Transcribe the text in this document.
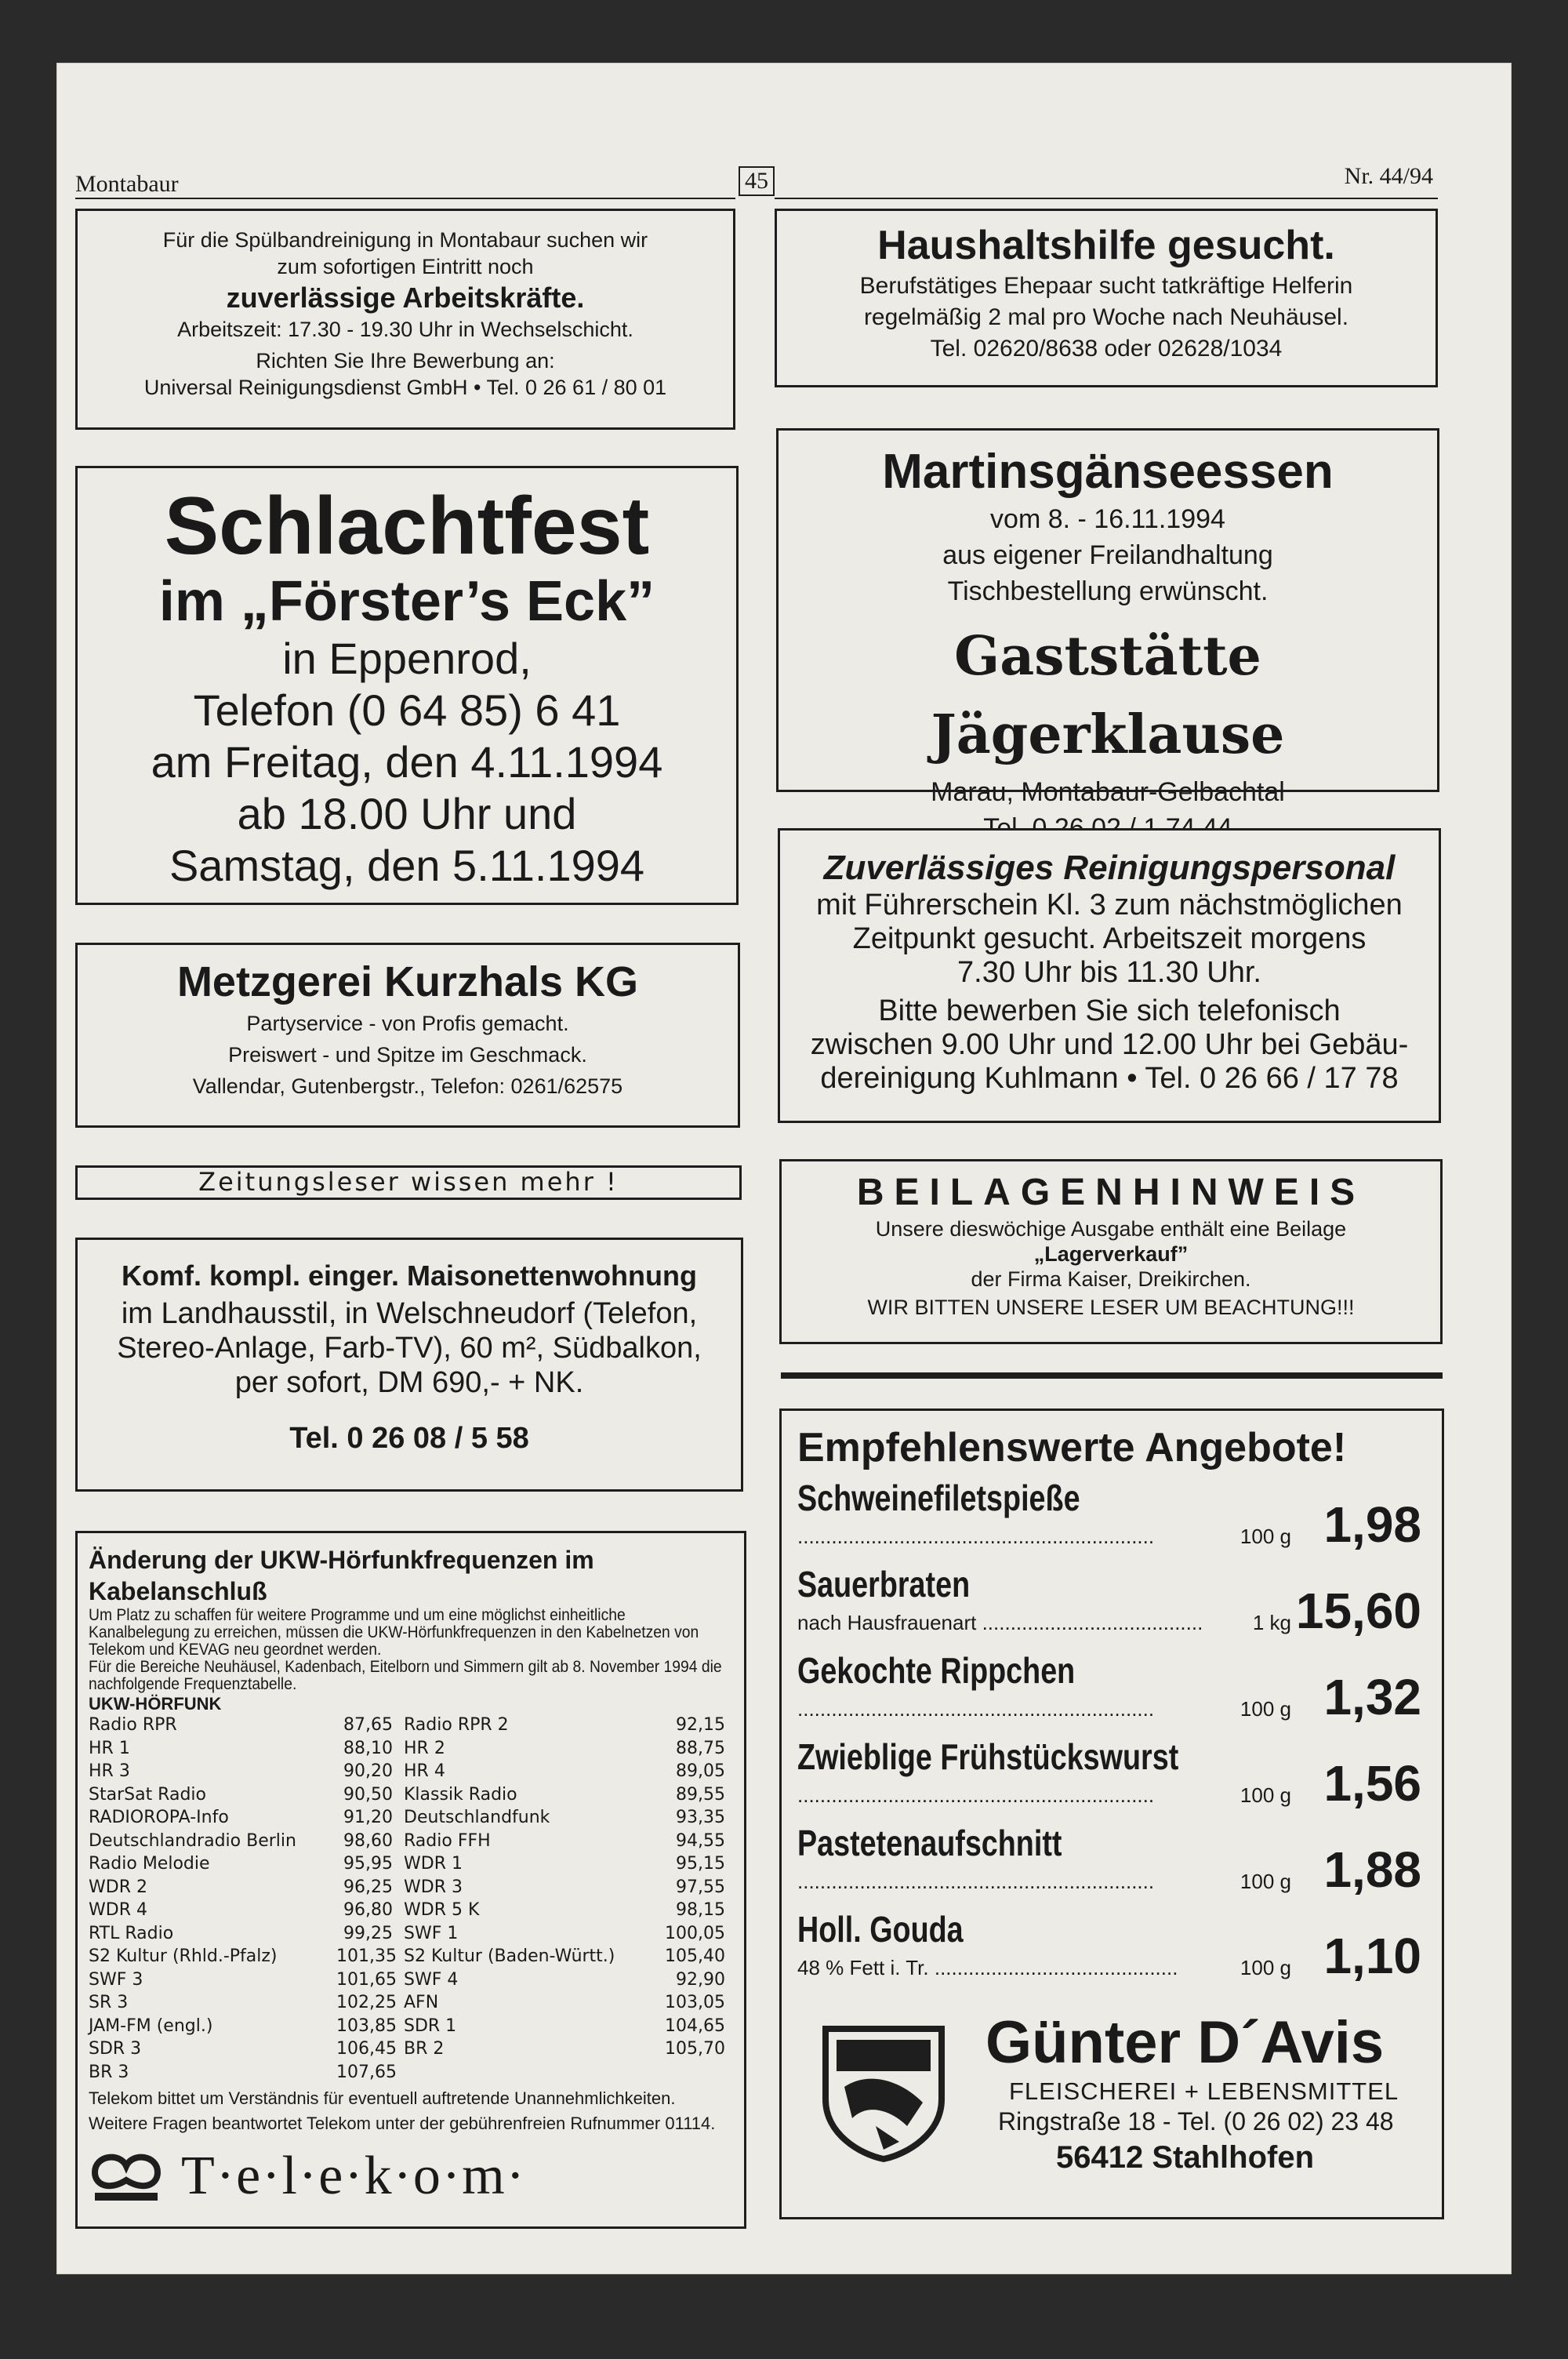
Montabaur	45	Nr. 44/94
Für die Spülbandreinigung in Montabaur suchen wir
zum sofortigen Eintritt noch
zuverlässige Arbeitskräfte.
Arbeitszeit: 17.30 - 19.30 Uhr in Wechselschicht.
Richten Sie Ihre Bewerbung an:
Universal Reinigungsdienst GmbH • Tel. 0 26 61 / 80 01
Schlachtfest
im „Förster’s Eck”
in Eppenrod,
Telefon (0 64 85) 6 41
am Freitag, den 4.11.1994
ab 18.00 Uhr und
Samstag, den 5.11.1994
Metzgerei Kurzhals KG
Partyservice - von Profis gemacht.
Preiswert - und Spitze im Geschmack.
Vallendar, Gutenbergstr., Telefon: 0261/62575
Zeitungsleser wissen mehr !
Komf. kompl. einger. Maisonettenwohnung
im Landhausstil, in Welschneudorf (Telefon,
Stereo-Anlage, Farb-TV), 60 m², Südbalkon,
per sofort, DM 690,- + NK.
Tel. 0 26 08 / 5 58
Änderung der UKW-Hörfunkfrequenzen im Kabelanschluß
Um Platz zu schaffen für weitere Programme und um eine möglichst einheitliche Kanalbelegung zu erreichen, müssen die UKW-Hörfunkfrequenzen in den Kabelnetzen von Telekom und KEVAG neu geordnet werden.
Für die Bereiche Neuhäusel, Kadenbach, Eitelborn und Simmern gilt ab 8. November 1994 die nachfolgende Frequenztabelle.
UKW-HÖRFUNK
Radio RPR	87,65 Radio RPR 2	92,15
HR 1	88,10 HR 2	88,75
HR 3	90,20 HR 4	89,05
StarSat Radio	90,50 Klassik Radio	89,55
RADIOROPA-Info	91,20 Deutschlandfunk	93,35
Deutschlandradio Berlin	98,60 Radio FFH	94,55
Radio Melodie	95,95 WDR 1	95,15
WDR 2	96,25 WDR 3	97,55
WDR 4	96,80 WDR 5 K	98,15
RTL Radio	99,25 SWF 1	100,05
S2 Kultur (Rhld.-Pfalz)	101,35 S2 Kultur (Baden-Württ.)	105,40
SWF 3	101,65 SWF 4	92,90
SR 3	102,25 AFN	103,05
JAM-FM (engl.)	103,85 SDR 1	104,65
SDR 3	106,45 BR 2	105,70
BR 3	107,65
Telekom bittet um Verständnis für eventuell auftretende Unannehmlichkeiten.
Weitere Fragen beantwortet Telekom unter der gebührenfreien Rufnummer 01114.
T·e·l·e·k·o·m·
Haushaltshilfe gesucht.
Berufstätiges Ehepaar sucht tatkräftige Helferin
regelmäßig 2 mal pro Woche nach Neuhäusel.
Tel. 02620/8638 oder 02628/1034
Martinsgänseessen
vom 8. - 16.11.1994
aus eigener Freilandhaltung
Tischbestellung erwünscht.
Gaststätte Jägerklause
Marau, Montabaur-Gelbachtal
Zuverlässiges Reinigungspersonal
mit Führerschein Kl. 3 zum nächstmöglichen
Zeitpunkt gesucht. Arbeitszeit morgens
7.30 Uhr bis 11.30 Uhr.
Bitte bewerben Sie sich telefonisch
zwischen 9.00 Uhr und 12.00 Uhr bei Gebäu-
dereinigung Kuhlmann • Tel. 0 26 66 / 17 78
BEILAGENHINWEIS
Unsere dieswöchige Ausgabe enthält eine Beilage
„Lagerverkauf”
der Firma Kaiser, Dreikirchen.
WIR BITTEN UNSERE LESER UM BEACHTUNG!!!
Empfehlenswerte Angebote!
Schweinefiletspieße
...............................................................	100 g 1,98
Sauerbraten
nach Hausfrauenart .......................................	1 kg 15,60
Gekochte Rippchen
...............................................................	100 g 1,32
Zwieblige Frühstückswurst
...............................................................	100 g 1,56
Pastetenaufschnitt
...............................................................	100 g 1,88
Holl. Gouda
48 % Fett i. Tr. ...........................................	100 g 1,10
Günter D´Avis
FLEISCHEREI + LEBENSMITTEL
Ringstraße 18 - Tel. (0 26 02) 23 48
56412 Stahlhofen
